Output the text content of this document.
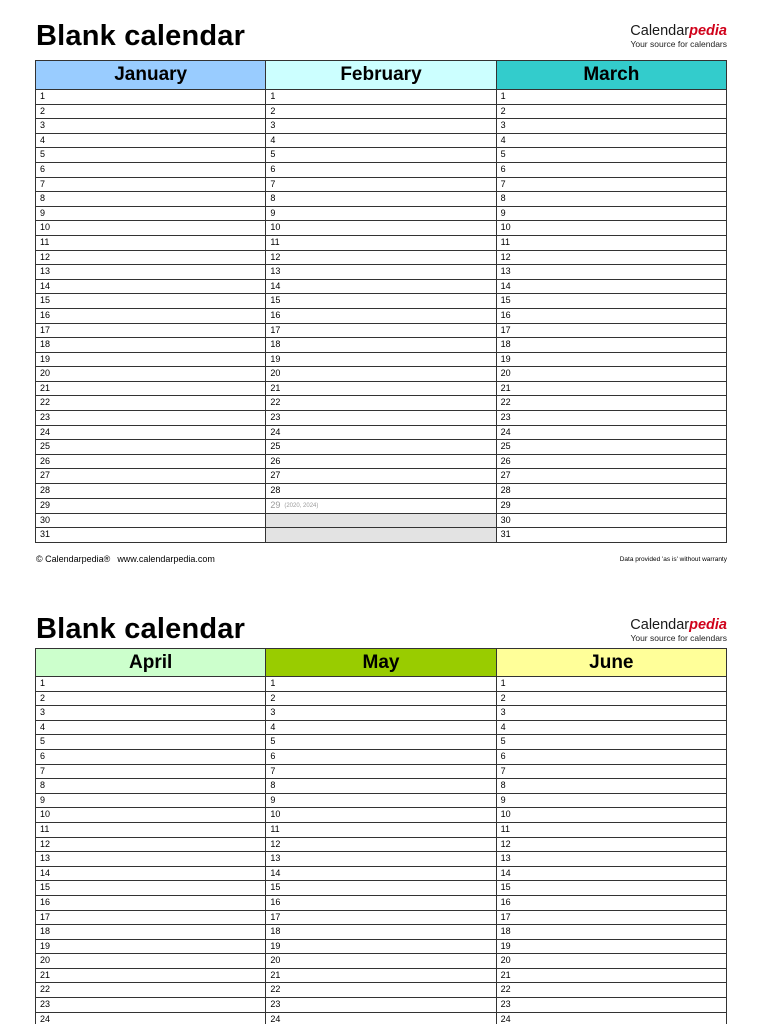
Blank calendar	Calendarpedia
Your source for calendars
January	February	March
1	1	1
2	2	2
3	3	3
4	4	4
5	5	5
6	6	6
7	7	7
8	8	8
9	9	9
10	10	10
11	11	11
12	12	12
13	13	13
14	14	14
15	15	15
16	16	16
17	17	17
18	18	18
19	19	19
20	20	20
21	21	21
22	22	22
23	23	23
24	24	24
25	25	25
26	26	26
27	27	27
28	28	28
29	29 (2020, 2024)	29
30		30
31		31
© Calendarpedia® www.calendarpedia.com	Data provided 'as is' without warranty
Blank calendar	Calendarpedia
Your source for calendars
April	May	June
1	1	1
2	2	2
3	3	3
4	4	4
5	5	5
6	6	6
7	7	7
8	8	8
9	9	9
10	10	10
11	11	11
12	12	12
13	13	13
14	14	14
15	15	15
16	16	16
17	17	17
18	18	18
19	19	19
20	20	20
21	21	21
22	22	22
23	23	23
24	24	24
